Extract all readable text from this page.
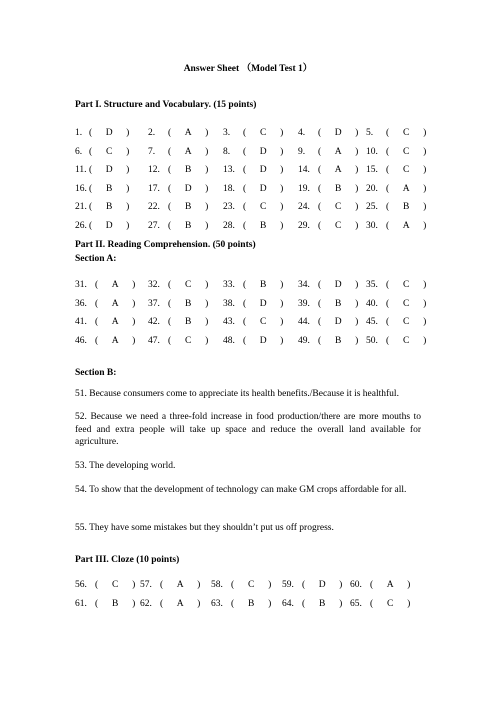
Answer Sheet （Model Test 1）
Part I. Structure and Vocabulary. (15 points)
1. ( D ) 2. ( A ) 3. ( C ) 4. ( D ) 5. ( C )
6. ( C ) 7. ( A ) 8. ( D ) 9. ( A ) 10. ( C )
11. ( D ) 12. ( B ) 13. ( D ) 14. ( A ) 15. ( C )
16. ( B ) 17. ( D ) 18. ( D ) 19. ( B ) 20. ( A )
21. ( B ) 22. ( B ) 23. ( C ) 24. ( C ) 25. ( B )
26. ( D ) 27. ( B ) 28. ( B ) 29. ( C ) 30. ( A )
Part II. Reading Comprehension. (50 points)
Section A:
31. ( A ) 32. ( C ) 33. ( B ) 34. ( D ) 35. ( C )
36. ( A ) 37. ( B ) 38. ( D ) 39. ( B ) 40. ( C )
41. ( A ) 42. ( B ) 43. ( C ) 44. ( D ) 45. ( C )
46. ( A ) 47. ( C ) 48. ( D ) 49. ( B ) 50. ( C )
Section B:
51. Because consumers come to appreciate its health benefits./Because it is healthful.
52. Because we need a three-fold increase in food production/there are more mouths to feed and extra people will take up space and reduce the overall land available for agriculture.
53. The developing world.
54. To show that the development of technology can make GM crops affordable for all.
55. They have some mistakes but they shouldn’t put us off progress.
Part III. Cloze (10 points)
56. ( C ) 57. ( A ) 58. ( C ) 59. ( D ) 60. ( A )
61. ( B ) 62. ( A ) 63. ( B ) 64. ( B ) 65. ( C )
